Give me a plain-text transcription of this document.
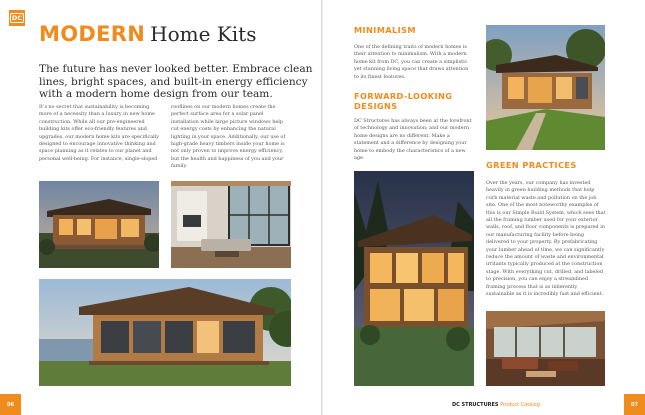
DC
MODERN Home Kits

The future has never looked better. Embrace clean lines, bright spaces, and built-in energy efficiency with a modern home design from our team.

It’s no secret that sustainability is becoming more of a necessity than a luxury in new home construction. While all our pre-engineered building kits offer eco-friendly features and upgrades, our modern home kits are specifically designed to encourage innovative thinking and space planning as it relates to our planet and personal well-being. For instance, single-sloped

rooflines on our modern homes create the perfect surface area for a solar panel installation while large picture windows help cut energy costs by enhancing the natural lighting in your space. Additionally, our use of high-grade heavy timbers inside your home is not only proven to improve energy efficiency, but the health and happiness of you and your family.

MINIMALISM

One of the defining traits of modern homes is their attention to minimalism. With a modern home kit from DC, you can create a simplistic yet stunning living space that draws attention to its finest features.

FORWARD-LOOKING DESIGNS

DC Structures has always been at the forefront of technology and innovation; and our modern home designs are no different. Make a statement and a difference by designing your home to embody the characteristics of a new age.

GREEN PRACTICES

Over the years, our company has invested heavily in green building methods that help curb material waste and pollution on the job site. One of the most noteworthy examples of this is our Simple Build System, which sees that all the framing lumber used for your exterior walls, roof, and floor components is prepared in our manufacturing facility before being delivered to your property. By prefabricating your lumber ahead of time, we can significantly reduce the amount of waste and environmental irritants typically produced at the construction stage. With everything cut, drilled, and labeled to precision, you can enjoy a streamlined framing process that is as inherently sustainable as it is incredibly fast and efficient.

06	DC STRUCTURES Product Catalog	07
